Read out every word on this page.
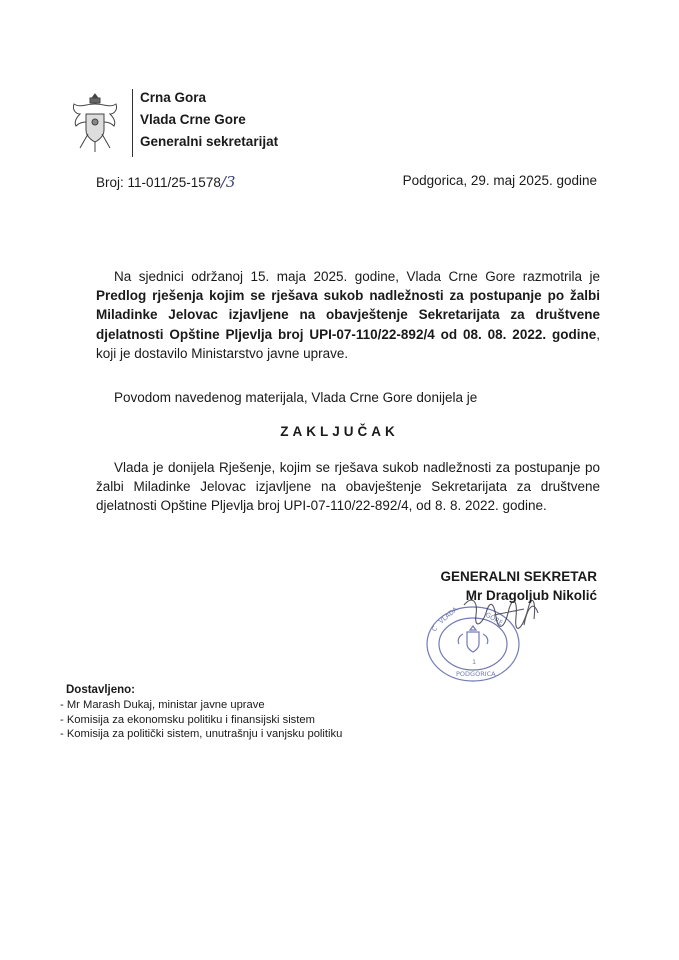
Crna Gora
Vlada Crne Gore
Generalni sekretarijat
Broj: 11-011/25-1578/3	Podgorica, 29. maj 2025. godine
Na sjednici održanoj 15. maja 2025. godine, Vlada Crne Gore razmotrila je Predlog rješenja kojim se rješava sukob nadležnosti za postupanje po žalbi Miladinke Jelovac izjavljene na obavještenje Sekretarijata za društvene djelatnosti Opštine Pljevlja broj UPI-07-110/22-892/4 od 08. 08. 2022. godine, koji je dostavilo Ministarstvo javne uprave.
Povodom navedenog materijala, Vlada Crne Gore donijela je
ZAKLJUČAK
Vlada je donijela Rješenje, kojim se rješava sukob nadležnosti za postupanje po žalbi Miladinke Jelovac izjavljene na obavještenje Sekretarijata za društvene djelatnosti Opštine Pljevlja broj UPI-07-110/22-892/4, od 8. 8. 2022. godine.
GENERALNI SEKRETAR
Mr Dragoljub Nikolić
C
VLADA	GORE
1
PODGORICA
Dostavljeno:
- Mr Marash Dukaj, ministar javne uprave
- Komisija za ekonomsku politiku i finansijski sistem
- Komisija za politički sistem, unutrašnju i vanjsku politiku
